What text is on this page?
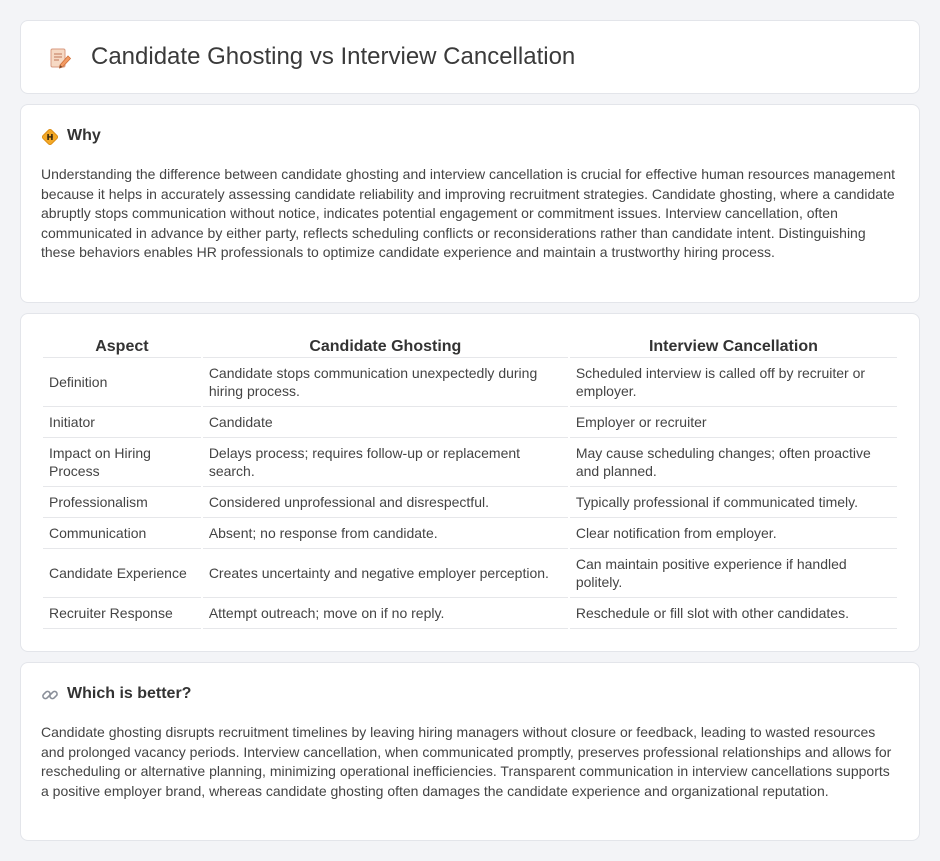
Candidate Ghosting vs Interview Cancellation
Why

Understanding the difference between candidate ghosting and interview cancellation is crucial for effective human resources management because it helps in accurately assessing candidate reliability and improving recruitment strategies. Candidate ghosting, where a candidate abruptly stops communication without notice, indicates potential engagement or commitment issues. Interview cancellation, often communicated in advance by either party, reflects scheduling conflicts or reconsiderations rather than candidate intent. Distinguishing these behaviors enables HR professionals to optimize candidate experience and maintain a trustworthy hiring process.

Aspect	Candidate Ghosting	Interview Cancellation
Definition	Candidate stops communication unexpectedly during hiring process.	Scheduled interview is called off by recruiter or employer.
Initiator	Candidate	Employer or recruiter
Impact on Hiring Process	Delays process; requires follow-up or replacement search.	May cause scheduling changes; often proactive and planned.
Professionalism	Considered unprofessional and disrespectful.	Typically professional if communicated timely.
Communication	Absent; no response from candidate.	Clear notification from employer.
Candidate Experience	Creates uncertainty and negative employer perception.	Can maintain positive experience if handled politely.
Recruiter Response	Attempt outreach; move on if no reply.	Reschedule or fill slot with other candidates.
Which is better?

Candidate ghosting disrupts recruitment timelines by leaving hiring managers without closure or feedback, leading to wasted resources and prolonged vacancy periods. Interview cancellation, when communicated promptly, preserves professional relationships and allows for rescheduling or alternative planning, minimizing operational inefficiencies. Transparent communication in interview cancellations supports a positive employer brand, whereas candidate ghosting often damages the candidate experience and organizational reputation.
